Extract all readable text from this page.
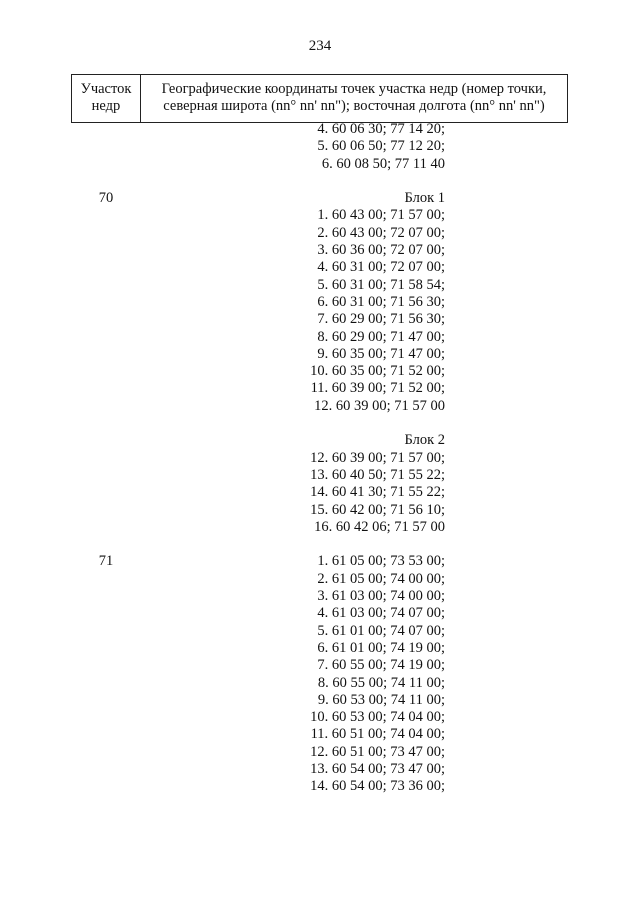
234
Участок
недр
Географические координаты точек участка недр (номер точки,
северная широта (nn° nn' nn"); восточная долгота (nn° nn' nn")
4. 60 06 30; 77 14 20;
5. 60 06 50; 77 12 20;
6. 60 08 50; 77 11 40
70	Блок 1
1. 60 43 00; 71 57 00;
2. 60 43 00; 72 07 00;
3. 60 36 00; 72 07 00;
4. 60 31 00; 72 07 00;
5. 60 31 00; 71 58 54;
6. 60 31 00; 71 56 30;
7. 60 29 00; 71 56 30;
8. 60 29 00; 71 47 00;
9. 60 35 00; 71 47 00;
10. 60 35 00; 71 52 00;
11. 60 39 00; 71 52 00;
12. 60 39 00; 71 57 00
Блок 2
12. 60 39 00; 71 57 00;
13. 60 40 50; 71 55 22;
14. 60 41 30; 71 55 22;
15. 60 42 00; 71 56 10;
16. 60 42 06; 71 57 00
71	1. 61 05 00; 73 53 00;
2. 61 05 00; 74 00 00;
3. 61 03 00; 74 00 00;
4. 61 03 00; 74 07 00;
5. 61 01 00; 74 07 00;
6. 61 01 00; 74 19 00;
7. 60 55 00; 74 19 00;
8. 60 55 00; 74 11 00;
9. 60 53 00; 74 11 00;
10. 60 53 00; 74 04 00;
11. 60 51 00; 74 04 00;
12. 60 51 00; 73 47 00;
13. 60 54 00; 73 47 00;
14. 60 54 00; 73 36 00;
